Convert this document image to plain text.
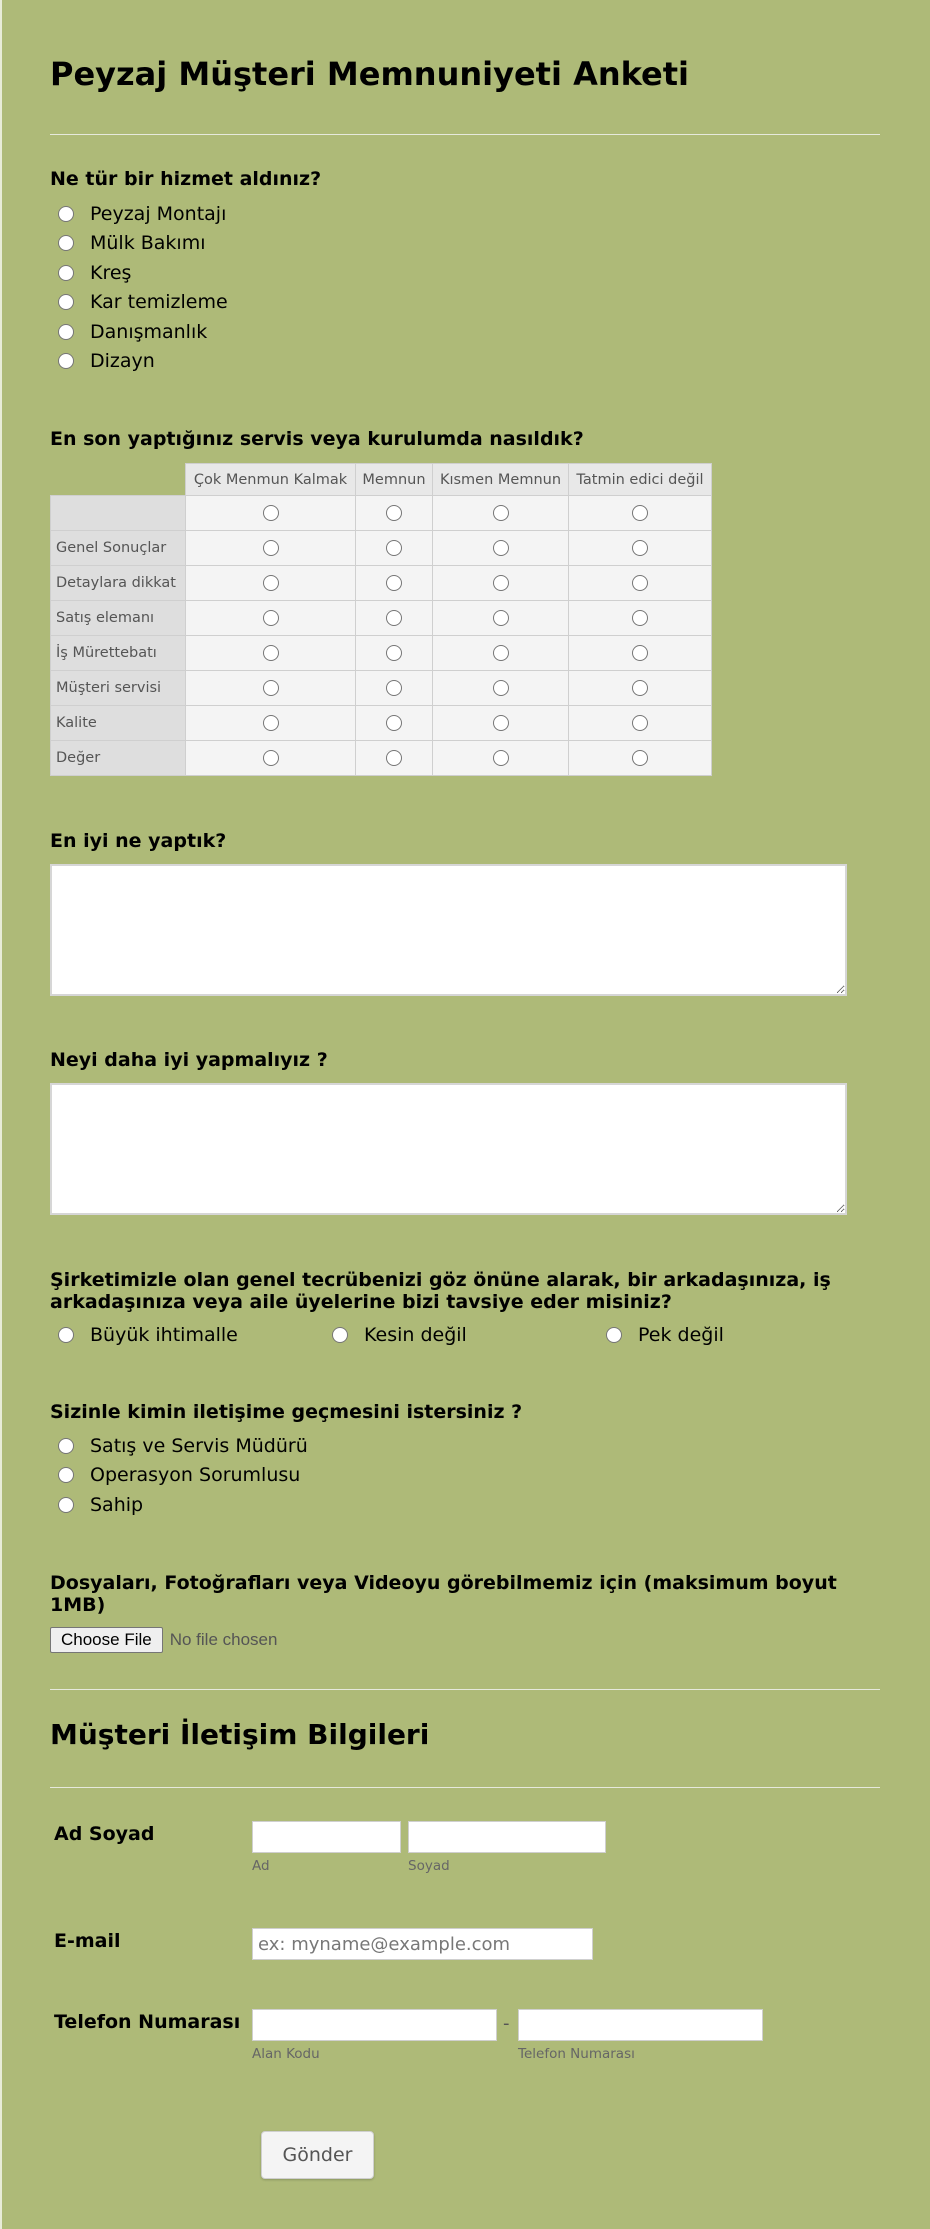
Peyzaj Müşteri Memnuniyeti Anketi
Ne tür bir hizmet aldınız?
Peyzaj Montajı
Mülk Bakımı
Kreş
Kar temizleme
Danışmanlık
Dizayn
En son yaptığınız servis veya kurulumda nasıldık?
	Çok Menmun Kalmak	Memnun	Kısmen Memnun	Tatmin edici değil

Genel Sonuçlar				
Detaylara dikkat				
Satış elemanı				
İş Mürettebatı				
Müşteri servisi				
Kalite				
Değer				
En iyi ne yaptık?
Neyi daha iyi yapmalıyız ?
Şirketimizle olan genel tecrübenizi göz önüne alarak, bir arkadaşınıza, iş
arkadaşınıza veya aile üyelerine bizi tavsiye eder misiniz?
Büyük ihtimalle	Kesin değil	Pek değil
Sizinle kimin iletişime geçmesini istersiniz ?
Satış ve Servis Müdürü
Operasyon Sorumlusu
Sahip
Dosyaları, Fotoğrafları veya Videoyu görebilmemiz için (maksimum boyut
1MB)
Choose File	No file chosen
Müşteri İletişim Bilgileri
Ad Soyad
Ad	Soyad
E-mail
ex: myname@example.com
Telefon Numarası	-
Alan Kodu	Telefon Numarası
Gönder
